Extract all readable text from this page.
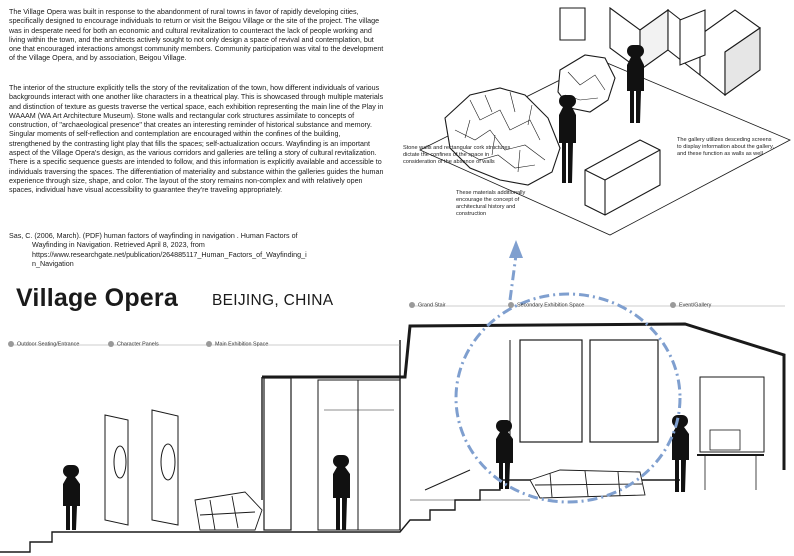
The Village Opera was built in response to the abandonment of rural towns in favor of rapidly developing cities, specifically designed to encourage individuals to return or visit the Beigou Village or the site of the project. The village was in desperate need for both an economic and cultural revitalization to counteract the lack of people working and living within the town, and the architects actively sought to not only design a space of revival and contemplation, but one that encouraged interactions amongst community members. Community participation was vital to the development of the Village Opera, and by association, Beigou Village.

The interior of the structure explicitly tells the story of the revitalization of the town, how different individuals of various backgrounds interact with one another like characters in a theatrical play. This is showcased through multiple materials and distinction of texture as guests traverse the vertical space, each exhibition representing the main line of the Play in WAAAM (WA Art Architecture Museum). Stone walls and rectangular cork structures assimilate to concepts of construction, of "archaeological presence" that creates an interesting reminder of historical substance and memory. Singular moments of self-reflection and contemplation are encouraged within the confines of the building, strengthened by the contrasting light play that fills the spaces; self-actualization occurs. Wayfinding is an important aspect of the Village Opera's design, as the various corridors and galleries are telling a story of cultural revitalization. There is a specific sequence guests are intended to follow, and this information is explicitly available and accessible to individuals traversing the spaces. The differentiation of materiality and substance within the galleries guides the human experience through size, shape, and color. The layout of the story remains non-complex and with relatively open spaces, individual have visual accessibility to guarantee they're traveling appropriately.

Sas, C. (2006, March). (PDF) human factors of wayfinding in navigation . Human Factors of
Wayfinding in Navigation. Retrieved April 8, 2023, from
https://www.researchgate.net/publication/264885117_Human_Factors_of_Wayfinding_i
n_Navigation
Village Opera BEIJING, CHINA
Stone walls and rectangular cork structures dictate the confines of the space in consideration of the absence of walls
These materials additionally encourage the concept of architectural history and construction
The gallery utilizes desceding screens to display information about the gallery, and these function as walls as well
Outdoor Seating/Entrance	Character Panels	Main Exhibition Space
Grand Stair	Secondary Exhibition Space	Event/Gallery
